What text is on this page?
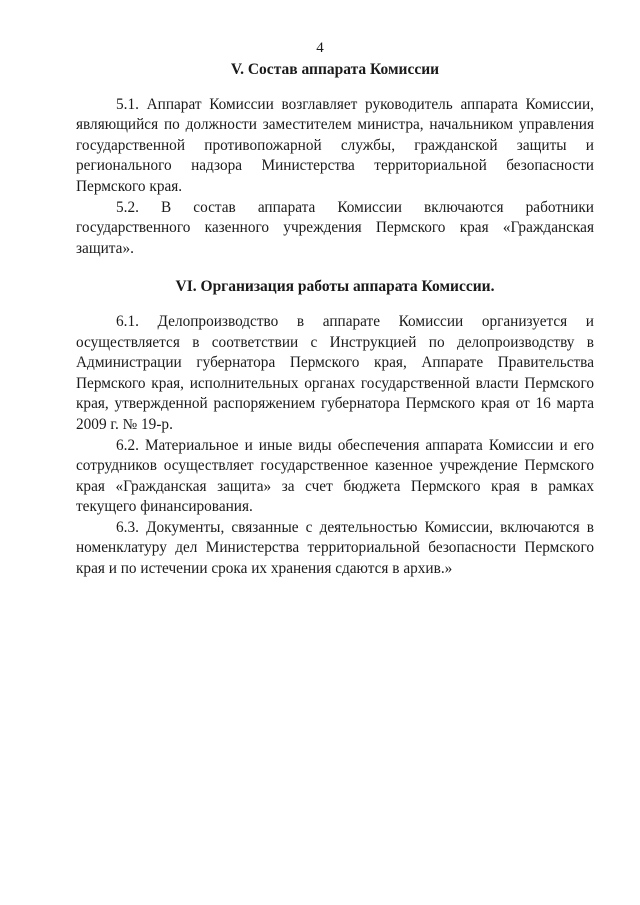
4
V. Состав аппарата Комиссии

5.1. Аппарат Комиссии возглавляет руководитель аппарата Комиссии, являющийся по должности заместителем министра, начальником управления государственной противопожарной службы, гражданской защиты и регионального надзора Министерства территориальной безопасности Пермского края.

5.2. В состав аппарата Комиссии включаются работники государственного казенного учреждения Пермского края «Гражданская защита».

VI. Организация работы аппарата Комиссии.

6.1. Делопроизводство в аппарате Комиссии организуется и осуществляется в соответствии с Инструкцией по делопроизводству в Администрации губернатора Пермского края, Аппарате Правительства Пермского края, исполнительных органах государственной власти Пермского края, утвержденной распоряжением губернатора Пермского края от 16 марта 2009 г. № 19-р.

6.2. Материальное и иные виды обеспечения аппарата Комиссии и его сотрудников осуществляет государственное казенное учреждение Пермского края «Гражданская защита» за счет бюджета Пермского края в рамках текущего финансирования.

6.3. Документы, связанные с деятельностью Комиссии, включаются в номенклатуру дел Министерства территориальной безопасности Пермского края и по истечении срока их хранения сдаются в архив.»
